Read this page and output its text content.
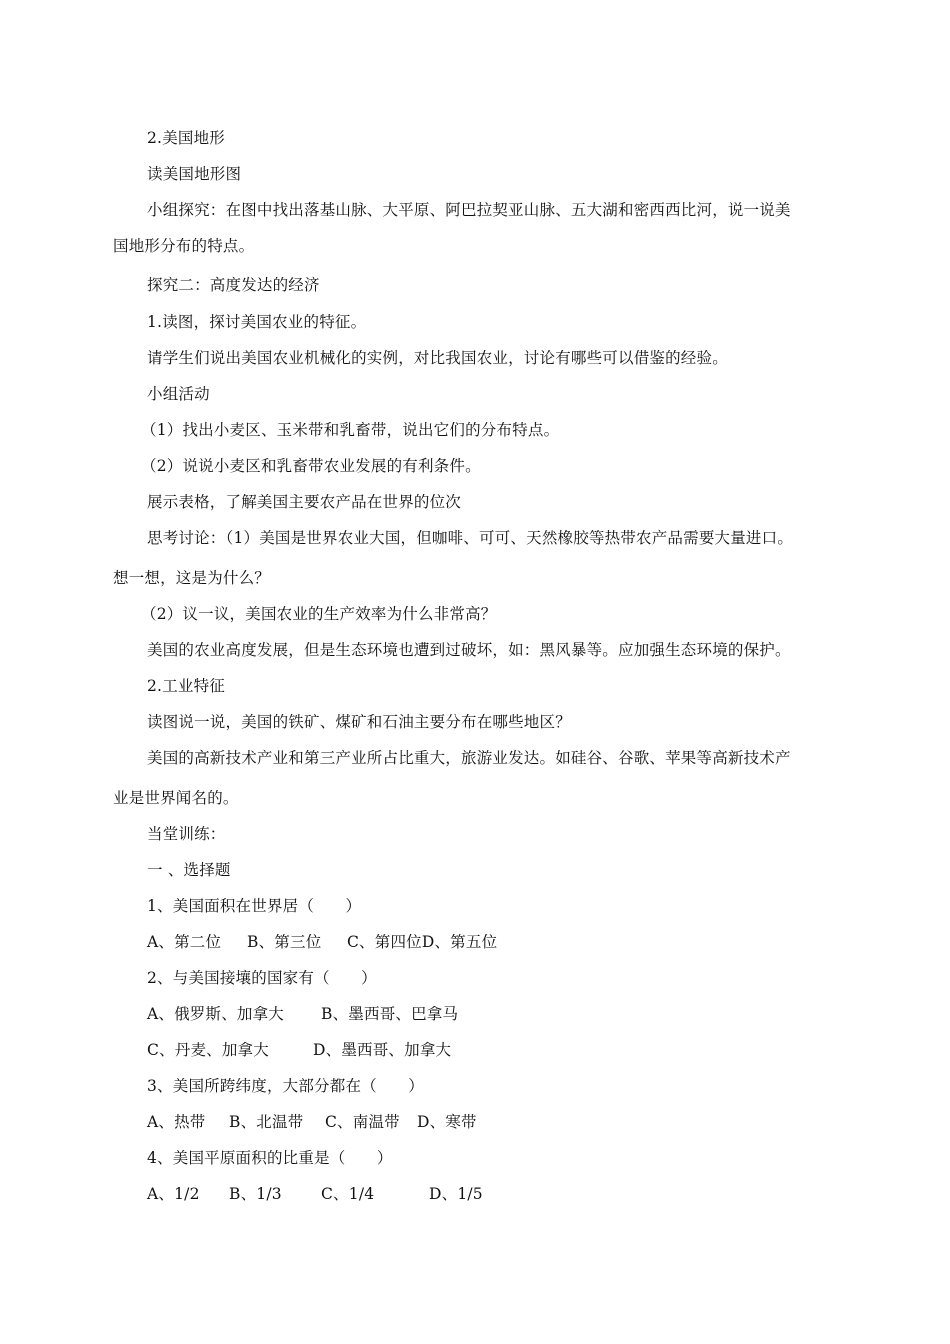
2.美国地形
读美国地形图
小组探究：在图中找出落基山脉、大平原、阿巴拉契亚山脉、五大湖和密西西比河，说一说美
国地形分布的特点。
探究二：高度发达的经济
1.读图，探讨美国农业的特征。
请学生们说出美国农业机械化的实例，对比我国农业，讨论有哪些可以借鉴的经验。
小组活动
（1）找出小麦区、玉米带和乳畜带，说出它们的分布特点。
（2）说说小麦区和乳畜带农业发展的有利条件。
展示表格，了解美国主要农产品在世界的位次
思考讨论：（1）美国是世界农业大国，但咖啡、可可、天然橡胶等热带农产品需要大量进口。
想一想，这是为什么？
（2）议一议，美国农业的生产效率为什么非常高？
美国的农业高度发展，但是生态环境也遭到过破坏，如：黑风暴等。应加强生态环境的保护。
2.工业特征
读图说一说，美国的铁矿、煤矿和石油主要分布在哪些地区？
美国的高新技术产业和第三产业所占比重大，旅游业发达。如硅谷、谷歌、苹果等高新技术产
业是世界闻名的。
当堂训练：
一 、选择题
1、美国面积在世界居（　　）
A、第二位 B、第三位 C、第四位D、第五位
2、与美国接壤的国家有（　　）
A、俄罗斯、加拿大 B、墨西哥、巴拿马
C、丹麦、加拿大	D、墨西哥、加拿大
3、美国所跨纬度，大部分都在（　　）
A、热带 B、北温带 C、南温带 D、寒带
4、美国平原面积的比重是（　　）
A、1/2 B、1/3	C、1/4	D、1/5
